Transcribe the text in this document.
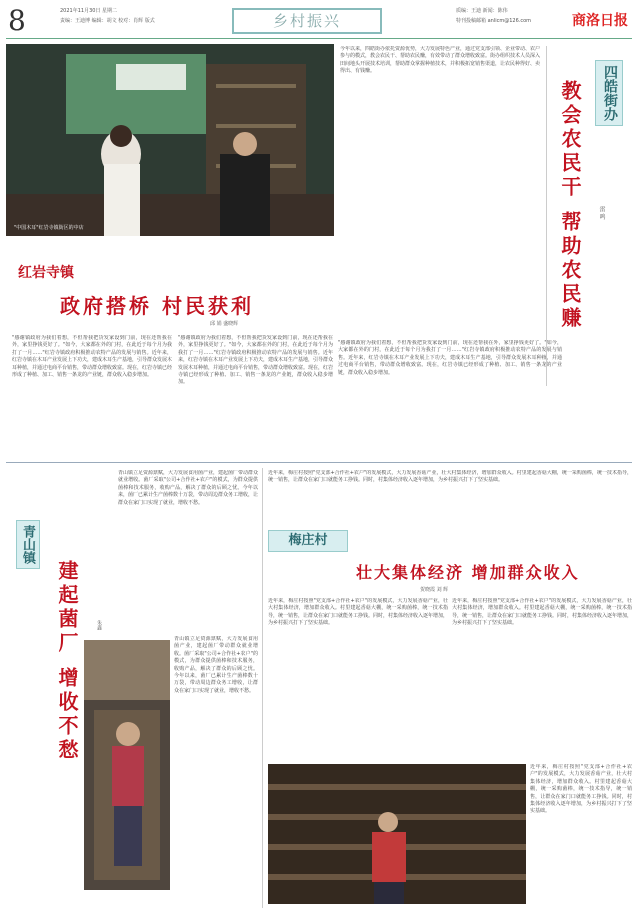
8	2021年11月30日 星期二
责编：王迪博 编辑：胡文 校对：肖辉 版式	乡村振兴
质编：王迪 新闻：陈伟
特刊投稿邮箱 anlicm@126.com	商洛日报
"中国木耳"红岩寺镇街区的中店
红岩寺镇
政府搭桥 村民获利
邱 娟 盛晓辉
"感谢镇政府为我们着想，不但帮我把货发家设到门前，现在还帮我在外，家里挣钱更好了。"如今，大家都在外的门村，在此近于每个月为我打了一月……"红岩寺镇政府积极推动农特产品的发展与销售。近年来，红岩寺镇在木耳产业发展上下功夫，建成木耳生产基地，引导群众发展木耳种植，并通过电商平台销售，带动群众增收致富。现在，红岩寺镇已经形成了种植、加工、销售一条龙的产业链，群众收入稳步增加。
"感谢镇政府为我们着想，不但帮我把货发家设到门前，现在还帮我在外，家里挣钱更好了。"如今，大家都在外的门村，在此近于每个月为我打了一月……"红岩寺镇政府积极推动农特产品的发展与销售。近年来，红岩寺镇在木耳产业发展上下功夫，建成木耳生产基地，引导群众发展木耳种植，并通过电商平台销售，带动群众增收致富。现在，红岩寺镇已经形成了种植、加工、销售一条龙的产业链，群众收入稳步增加。
"感谢镇政府为我们着想，不但帮我把货发家设到门前，现在还帮我在外，家里挣钱更好了。"如今，大家都在外的门村，在此近于每个月为我打了一月……"红岩寺镇政府积极推动农特产品的发展与销售。近年来，红岩寺镇在木耳产业发展上下功夫，建成木耳生产基地，引导群众发展木耳种植，并通过电商平台销售，带动群众增收致富。现在，红岩寺镇已经形成了种植、加工、销售一条龙的产业链，群众收入稳步增加。
今年以来，四皓街办依托资源优势，大力发展特色产业，通过党支部引领、企业带动、农户参与的模式，教会农民干、帮助农民赚，有效带动了群众增收致富。街办组织技术人员深入田间地头开展技术培训，帮助群众掌握种植技术，并积极拓宽销售渠道，让农民种得好、卖得出、有钱赚。	四皓街办
教会农民干 帮助农民赚	雷 鸣
青山镇
建起菌厂 增收不愁
青山镇立足资源禀赋，大力发展食用菌产业，建起菌厂带动群众就业增收。菌厂采取"公司+合作社+农户"的模式，为群众提供菌棒和技术服务，收购产品，解决了群众的后顾之忧。今年以来，菌厂已累计生产菌棒数十万袋，带动周边群众务工增收，让群众在家门口实现了就业，增收不愁。
朱鑫
青山镇立足资源禀赋，大力发展食用菌产业，建起菌厂带动群众就业增收。菌厂采取"公司+合作社+农户"的模式，为群众提供菌棒和技术服务，收购产品，解决了群众的后顾之忧。今年以来，菌厂已累计生产菌棒数十万袋，带动周边群众务工增收，让群众在家门口实现了就业，增收不愁。
梅庄村
壮大集体经济 增加群众收入
贺晓霞 刘 辉
近年来，梅庄村按照"党支部+合作社+农户"的发展模式，大力发展香菇产业，壮大村集体经济，增加群众收入。村里建起香菇大棚，统一采购菌棒，统一技术指导，统一销售，让群众在家门口就能务工挣钱。同时，村集体经济收入逐年增加，为乡村振兴打下了坚实基础。
近年来，梅庄村按照"党支部+合作社+农户"的发展模式，大力发展香菇产业，壮大村集体经济，增加群众收入。村里建起香菇大棚，统一采购菌棒，统一技术指导，统一销售，让群众在家门口就能务工挣钱。同时，村集体经济收入逐年增加，为乡村振兴打下了坚实基础。
近年来，梅庄村按照"党支部+合作社+农户"的发展模式，大力发展香菇产业，壮大村集体经济，增加群众收入。村里建起香菇大棚，统一采购菌棒，统一技术指导，统一销售，让群众在家门口就能务工挣钱。同时，村集体经济收入逐年增加，为乡村振兴打下了坚实基础。
近年来，梅庄村按照"党支部+合作社+农户"的发展模式，大力发展香菇产业，壮大村集体经济，增加群众收入。村里建起香菇大棚，统一采购菌棒，统一技术指导，统一销售，让群众在家门口就能务工挣钱。同时，村集体经济收入逐年增加，为乡村振兴打下了坚实基础。
